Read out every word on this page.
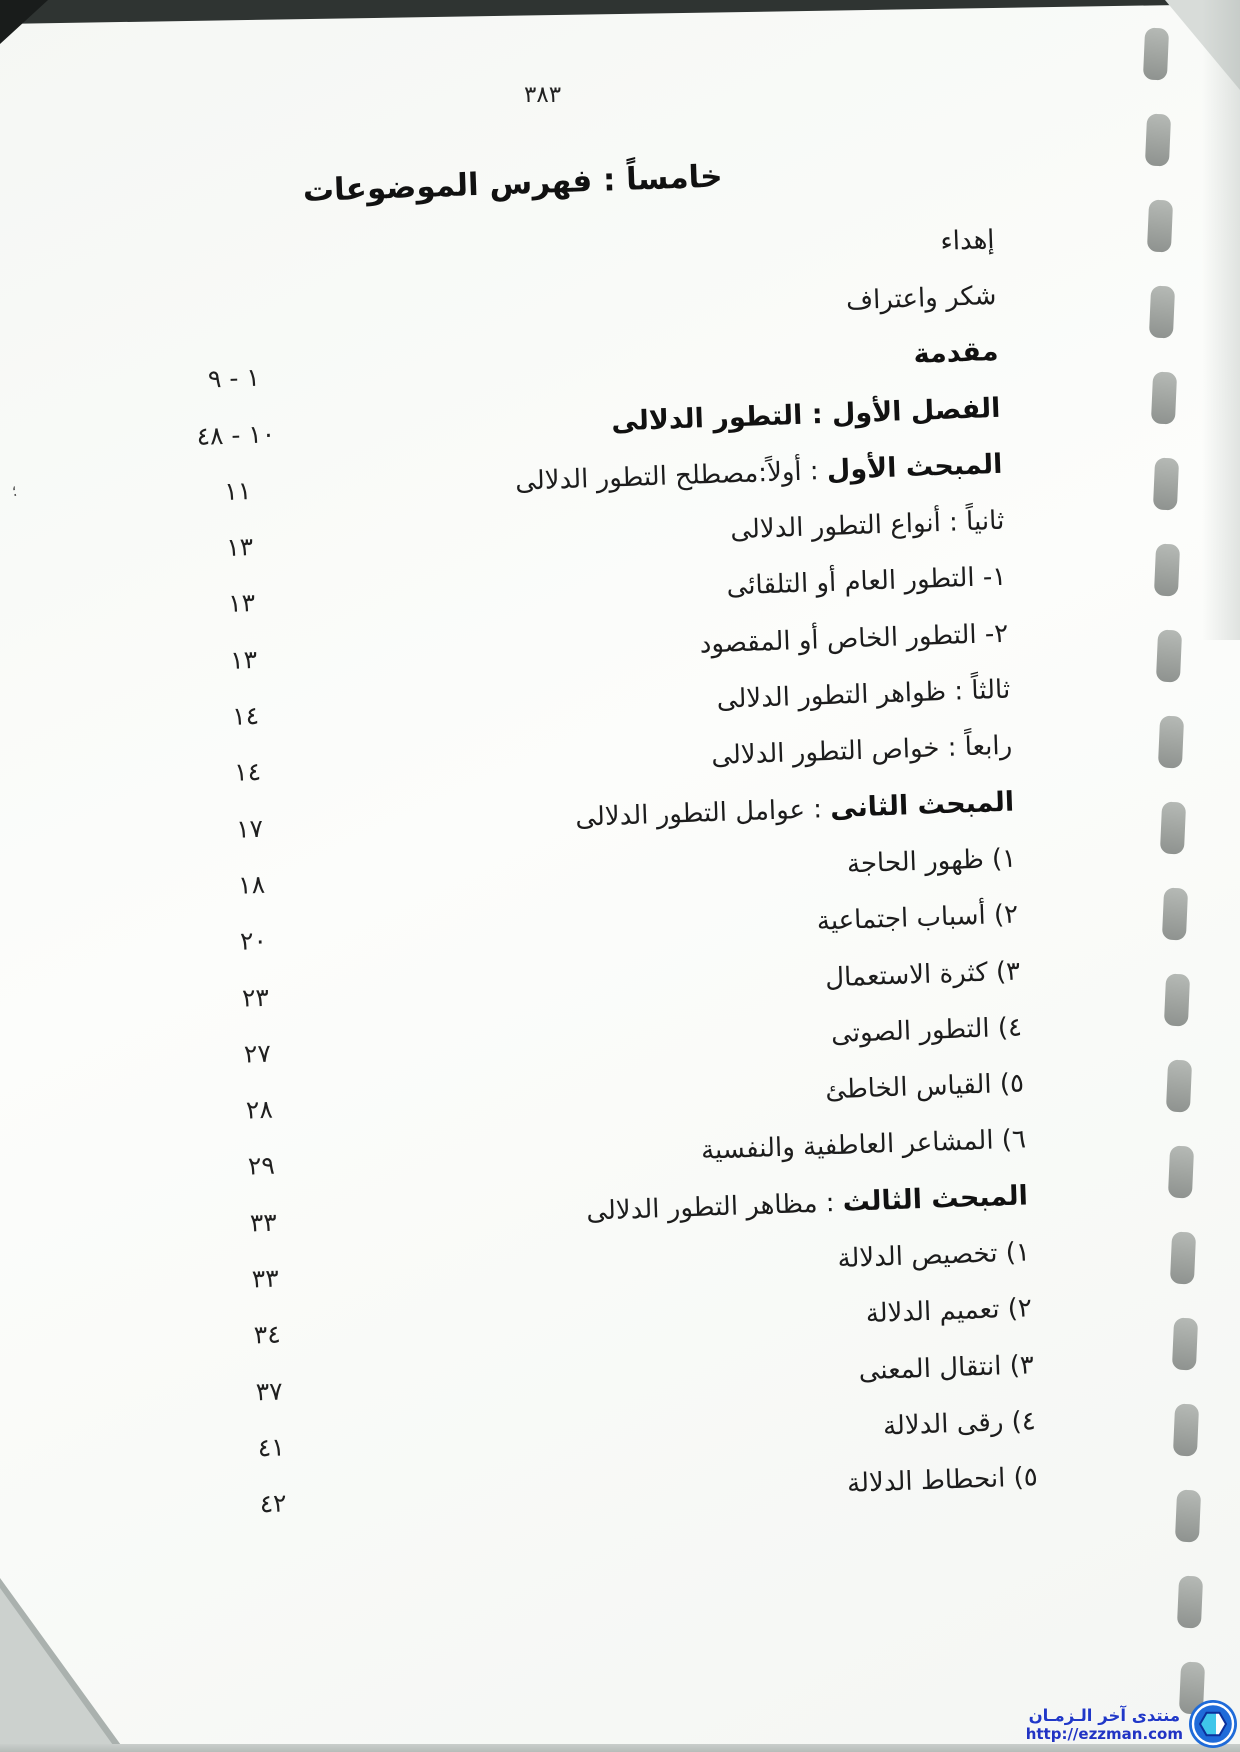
٣٨٣
خامساً : فهرس الموضوعات
إهداء
شكر واعتراف
مقدمة
١ - ٩
الفصل الأول : التطور الدلالى
١٠ - ٤٨
المبحث الأول : أولاً:مصطلح التطور الدلالى
١١
ثانياً : أنواع التطور الدلالى
١٣
١- التطور العام أو التلقائى
١٣
٢- التطور الخاص أو المقصود
١٣
ثالثاً : ظواهر التطور الدلالى
١٤
رابعاً : خواص التطور الدلالى
١٤
المبحث الثانى : عوامل التطور الدلالى
١٧
١) ظهور الحاجة
١٨
٢) أسباب اجتماعية
٢٠
٣) كثرة الاستعمال
٢٣
٤) التطور الصوتى
٢٧
٥) القياس الخاطئ
٢٨
٦) المشاعر العاطفية والنفسية
٢٩
المبحث الثالث : مظاهر التطور الدلالى
٣٣
١) تخصيص الدلالة
٣٣
٢) تعميم الدلالة
٣٤
٣) انتقال المعنى
٣٧
٤) رقى الدلالة
٤١
٥) انحطاط الدلالة
٤٢
؛
منتدى آخر الـزمـان
http://ezzman.com
